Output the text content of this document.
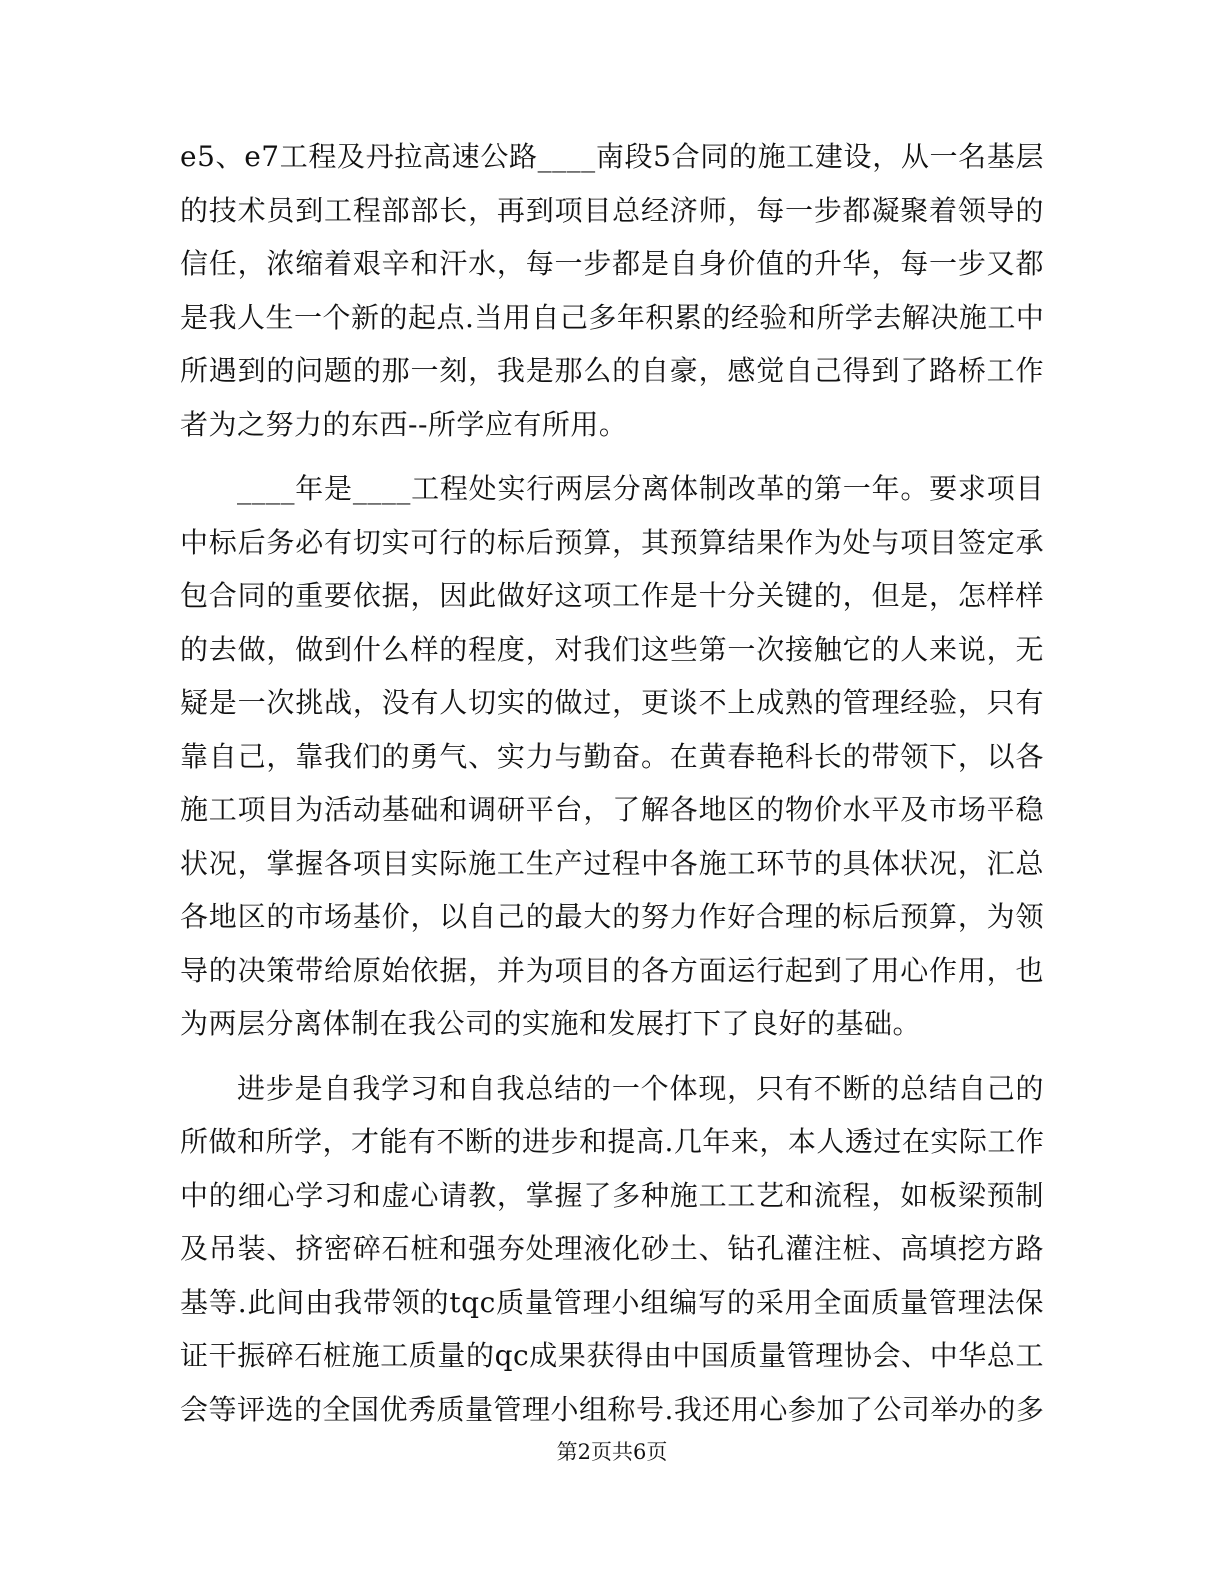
e5、e7工程及丹拉高速公路____南段5合同的施工建设，从一名基层
的技术员到工程部部长，再到项目总经济师，每一步都凝聚着领导的
信任，浓缩着艰辛和汗水，每一步都是自身价值的升华，每一步又都
是我人生一个新的起点.当用自己多年积累的经验和所学去解决施工中
所遇到的问题的那一刻，我是那么的自豪，感觉自己得到了路桥工作
者为之努力的东西--所学应有所用。
____年是____工程处实行两层分离体制改革的第一年。要求项目
中标后务必有切实可行的标后预算，其预算结果作为处与项目签定承
包合同的重要依据，因此做好这项工作是十分关键的，但是，怎样样
的去做，做到什么样的程度，对我们这些第一次接触它的人来说，无
疑是一次挑战，没有人切实的做过，更谈不上成熟的管理经验，只有
靠自己，靠我们的勇气、实力与勤奋。在黄春艳科长的带领下，以各
施工项目为活动基础和调研平台，了解各地区的物价水平及市场平稳
状况，掌握各项目实际施工生产过程中各施工环节的具体状况，汇总
各地区的市场基价，以自己的最大的努力作好合理的标后预算，为领
导的决策带给原始依据，并为项目的各方面运行起到了用心作用，也
为两层分离体制在我公司的实施和发展打下了良好的基础。
进步是自我学习和自我总结的一个体现，只有不断的总结自己的
所做和所学，才能有不断的进步和提高.几年来，本人透过在实际工作
中的细心学习和虚心请教，掌握了多种施工工艺和流程，如板梁预制
及吊装、挤密碎石桩和强夯处理液化砂土、钻孔灌注桩、高填挖方路
基等.此间由我带领的tqc质量管理小组编写的采用全面质量管理法保
证干振碎石桩施工质量的qc成果获得由中国质量管理协会、中华总工
会等评选的全国优秀质量管理小组称号.我还用心参加了公司举办的多
第2页共6页
